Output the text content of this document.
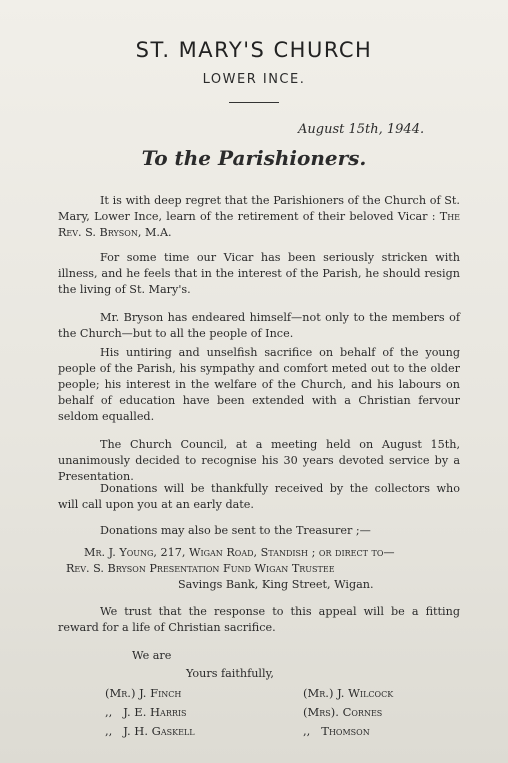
ST. MARY'S CHURCH
LOWER INCE.
August 15th, 1944.
To the Parishioners.

It is with deep regret that the Parishioners of the Church of St. Mary, Lower Ince, learn of the retirement of their beloved Vicar : The Rev. S. Bryson, M.A.

For some time our Vicar has been seriously stricken with illness, and he feels that in the interest of the Parish, he should resign the living of St. Mary's.

Mr. Bryson has endeared himself—not only to the members of the Church—but to all the people of Ince.

His untiring and unselfish sacrifice on behalf of the young people of the Parish, his sympathy and comfort meted out to the older people; his interest in the welfare of the Church, and his labours on behalf of education have been extended with a Christian fervour seldom equalled.

The Church Council, at a meeting held on August 15th, unanimously decided to recognise his 30 years devoted service by a Presentation.

Donations will be thankfully received by the collectors who will call upon you at an early date.

Donations may also be sent to the Treasurer ;—

Mr. J. Young, 217, Wigan Road, Standish ; or direct to—

Rev. S. Bryson Presentation Fund Wigan Trustee

Savings Bank, King Street, Wigan.

We trust that the response to this appeal will be a fitting reward for a life of Christian sacrifice.

We are
Yours faithfully,
(Mr.) J. Finch
,,   J. E. Harris
,,   J. H. Gaskell
(Mr.) J. Wilcock
(Mrs). Cornes
,,   Thomson
